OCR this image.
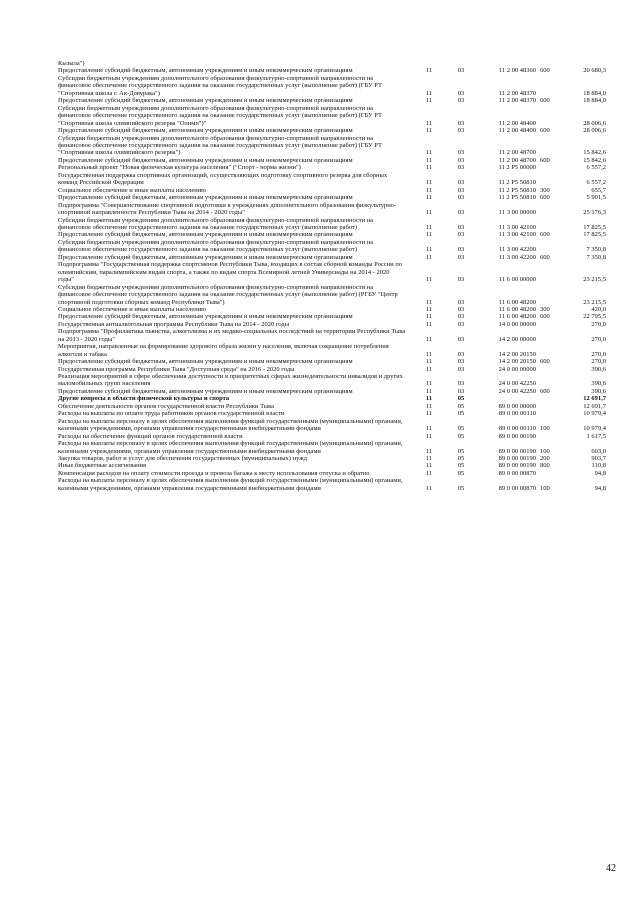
Кызыла")					
Предоставление субсидий бюджетным, автономным учреждениям и иным некоммерческим организациям	11	03	11 2 00 48360	600	20 680,3
Субсидии бюджетным учреждениям дополнительного образования физкультурно-спортивной направленности на финансовое обеспечение государственного задания на оказание государственных услуг (выполнение работ) (ГБУ РТ "Спортивная школа г. Ак-Довурака")	11	03	11 2 00 48370		18 884,0
Предоставление субсидий бюджетным, автономным учреждениям и иным некоммерческим организациям	11	03	11 2 00 48370	600	18 884,0
Субсидии бюджетным учреждениям дополнительного образования физкультурно-спортивной направленности на финансовое обеспечение государственного задания на оказание государственных услуг (выполнение работ) (ГБУ РТ "Спортивная школа олимпийского резерва "Олимп")"	11	03	11 2 00 48400		28 006,6
Предоставление субсидий бюджетным, автономным учреждениям и иным некоммерческим организациям	11	03	11 2 00 48400	600	28 006,6
Субсидии бюджетным учреждениям дополнительного образования физкультурно-спортивной направленности на финансовое обеспечение государственного задания на оказание государственных услуг (выполнение работ) (ГБУ РТ "Спортивная школа олимпийского резерва")	11	03	11 2 00 48700		15 842,6
Предоставление субсидий бюджетным, автономным учреждениям и иным некоммерческим организациям	11	03	11 2 00 48700	600	15 842,6
Региональный проект "Новая физическая культура населения" ("Спорт - норма жизни")	11	03	11 2 P5 00000		6 557,2
Государственная поддержка спортивных организаций, осуществляющих подготовку спортивного резерва для сборных команд Российской Федерации	11	03	11 2 P5 50810		6 557,2
Социальное обеспечение и иные выплаты населению	11	03	11 2 P5 50810	300	655,7
Предоставление субсидий бюджетным, автономным учреждениям и иным некоммерческим организациям	11	03	11 2 P5 50810	600	5 901,5
Подпрограмма "Совершенствование спортивной подготовки в учреждениях дополнительного образования физкультурно-спортивной направленности Республики Тыва на 2014 - 2020 годы"	11	03	11 3 00 00000		25 176,3
Субсидии бюджетным учреждениям дополнительного образования физкультурно-спортивной направленности на финансовое обеспечение государственного задания на оказание государственных услуг (выполнение работ)	11	03	11 3 00 42100		17 825,5
Предоставление субсидий бюджетным, автономным учреждениям и иным некоммерческим организациям	11	03	11 3 00 42100	600	17 825,5
Субсидии бюджетным учреждениям дополнительного образования физкультурно-спортивной направленности на финансовое обеспечение государственного задания на оказание государственных услуг (выполнение работ)	11	03	11 3 00 42200		7 350,8
Предоставление субсидий бюджетным, автономным учреждениям и иным некоммерческим организациям	11	03	11 3 00 42200	600	7 350,8
Подпрограмма "Государственная поддержка спортсменов Республики Тыва, входящих в состав сборной команды России по олимпийским, паралимпийским видам спорта, а также по видам спорта Всемирной летней Универсиады на 2014 - 2020 годы"	11	03	11 6 00 00000		23 215,5
Субсидии бюджетным учреждениям дополнительного образования физкультурно-спортивной направленности на финансовое обеспечение государственного задания на оказание государственных услуг (выполнение работ) (РГБУ "Центр спортивной подготовки сборных команд Республики Тыва")	11	03	11 6 00 48200		23 215,5
Социальное обеспечение и иные выплаты населению	11	03	11 6 00 48200	300	420,0
Предоставление субсидий бюджетным, автономным учреждениям и иным некоммерческим организациям	11	03	11 6 00 48200	600	22 795,5
Государственная антиалкогольная программа Республики Тыва на 2014 - 2020 годы	11	03	14 0 00 00000		270,0
Подпрограмма "Профилактика пьянства, алкоголизма и их медико-социальных последствий на территории Республики Тыва на 2013 - 2020 годы"	11	03	14 2 00 00000		270,0
Мероприятия, направленные на формирование здорового образа жизни у населения, включая сокращение потребления алкоголя и табака	11	03	14 2 00 20150		270,0
Предоставление субсидий бюджетным, автономным учреждениям и иным некоммерческим организациям	11	03	14 2 00 20150	600	270,0
Государственная программа Республики Тыва "Доступная среда" на 2016 - 2020 годы	11	03	24 0 00 00000		390,6
Реализация мероприятий в сфере обеспечения доступности в приоритетных сферах жизнедеятельности инвалидов и других маломобильных групп населения	11	03	24 0 00 42250		390,6
Предоставление субсидий бюджетным, автономным учреждениям и иным некоммерческим организациям	11	03	24 0 00 42250	600	390,6
Другие вопросы в области физической культуры и спорта	11	05			12 691,7
Обеспечение деятельности органов государственной власти Республики Тыва	11	05	89 0 00 00000		12 691,7
Расходы на выплаты по оплате труда работников органов государственной власти	11	05	89 0 00 00110		10 979,4
Расходы на выплаты персоналу в целях обеспечения выполнения функций государственными (муниципальными) органами, казенными учреждениями, органами управления государственными внебюджетными фондами	11	05	89 0 00 00110	100	10 979,4
Расходы на обеспечение функций органов государственной власти	11	05	89 0 00 00190		1 617,5
Расходы на выплаты персоналу в целях обеспечения выполнения функций государственными (муниципальными) органами, казенными учреждениями, органами управления государственными внебюджетными фондами	11	05	89 0 00 00190	100	603,0
Закупка товаров, работ и услуг для обеспечения государственных (муниципальных) нужд	11	05	89 0 00 00190	200	903,7
Иные бюджетные ассигнования	11	05	89 0 00 00190	800	110,8
Компенсация расходов на оплату стоимости проезда и провоза багажа к месту использования отпуска и обратно	11	05	89 0 00 00870		94,8
Расходы на выплаты персоналу в целях обеспечения выполнения функций государственными (муниципальными) органами, казенными учреждениями, органами управления государственными внебюджетными фондами	11	05	89 0 00 00870	100	94,8
42
